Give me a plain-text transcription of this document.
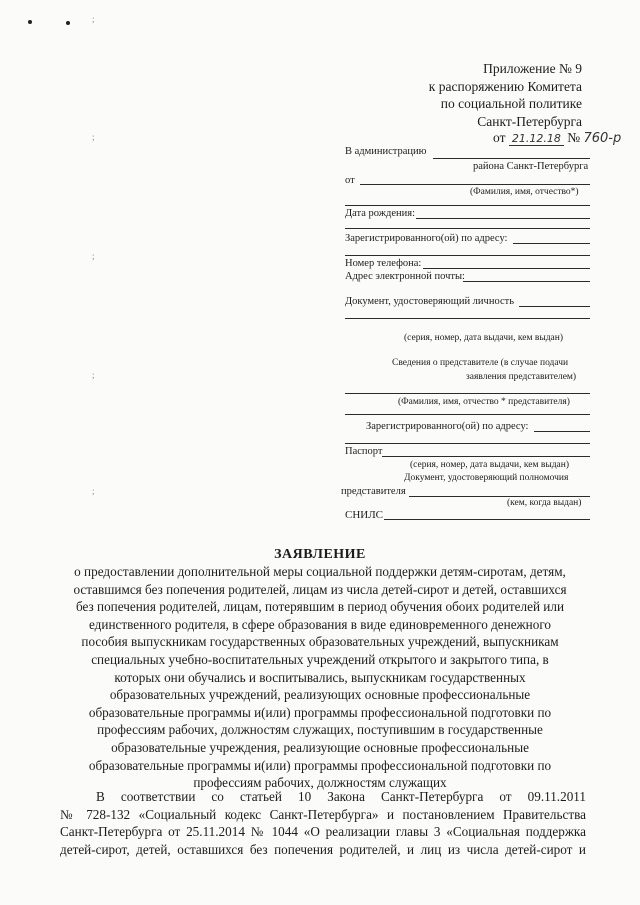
;
;
;
;
;
Приложение № 9
к распоряжению Комитета
по социальной политике
Санкт-Петербурга
от 21.12.18 № 760-р
В администрацию
района Санкт-Петербурга
от
(Фамилия, имя, отчество*)
Дата рождения:
Зарегистрированного(ой) по адресу:
Номер телефона:
Адрес электронной почты:
Документ, удостоверяющий личность
(серия, номер, дата выдачи, кем выдан)
Сведения о представителе (в случае подачи
заявления представителем)
(Фамилия, имя, отчество * представителя)
Зарегистрированного(ой) по адресу:
Паспорт
(серия, номер, дата выдачи, кем выдан)
Документ, удостоверяющий полномочия
представителя
(кем, когда выдан)
СНИЛС
ЗАЯВЛЕНИЕ
о предоставлении дополнительной меры социальной поддержки детям-сиротам, детям,
оставшимся без попечения родителей, лицам из числа детей-сирот и детей, оставшихся
без попечения родителей, лицам, потерявшим в период обучения обоих родителей или
единственного родителя, в сфере образования в виде единовременного денежного
пособия выпускникам государственных образовательных учреждений, выпускникам
специальных учебно-воспитательных учреждений открытого и закрытого типа, в
которых они обучались и воспитывались, выпускникам государственных
образовательных учреждений, реализующих основные профессиональные
образовательные программы и(или) программы профессиональной подготовки по
профессиям рабочих, должностям служащих, поступившим в государственные
образовательные учреждения, реализующие основные профессиональные
образовательные программы и(или) программы профессиональной подготовки по
профессиям рабочих, должностям служащих
В    соответствии    со    статьей    10    Закона    Санкт-Петербурга    от    09.11.2011
№ 728-132 «Социальный кодекс Санкт-Петербурга» и постановлением Правительства
Санкт-Петербурга от 25.11.2014 № 1044 «О реализации главы 3 «Социальная поддержка
детей-сирот, детей, оставшихся без попечения родителей, и лиц из числа детей-сирот и
